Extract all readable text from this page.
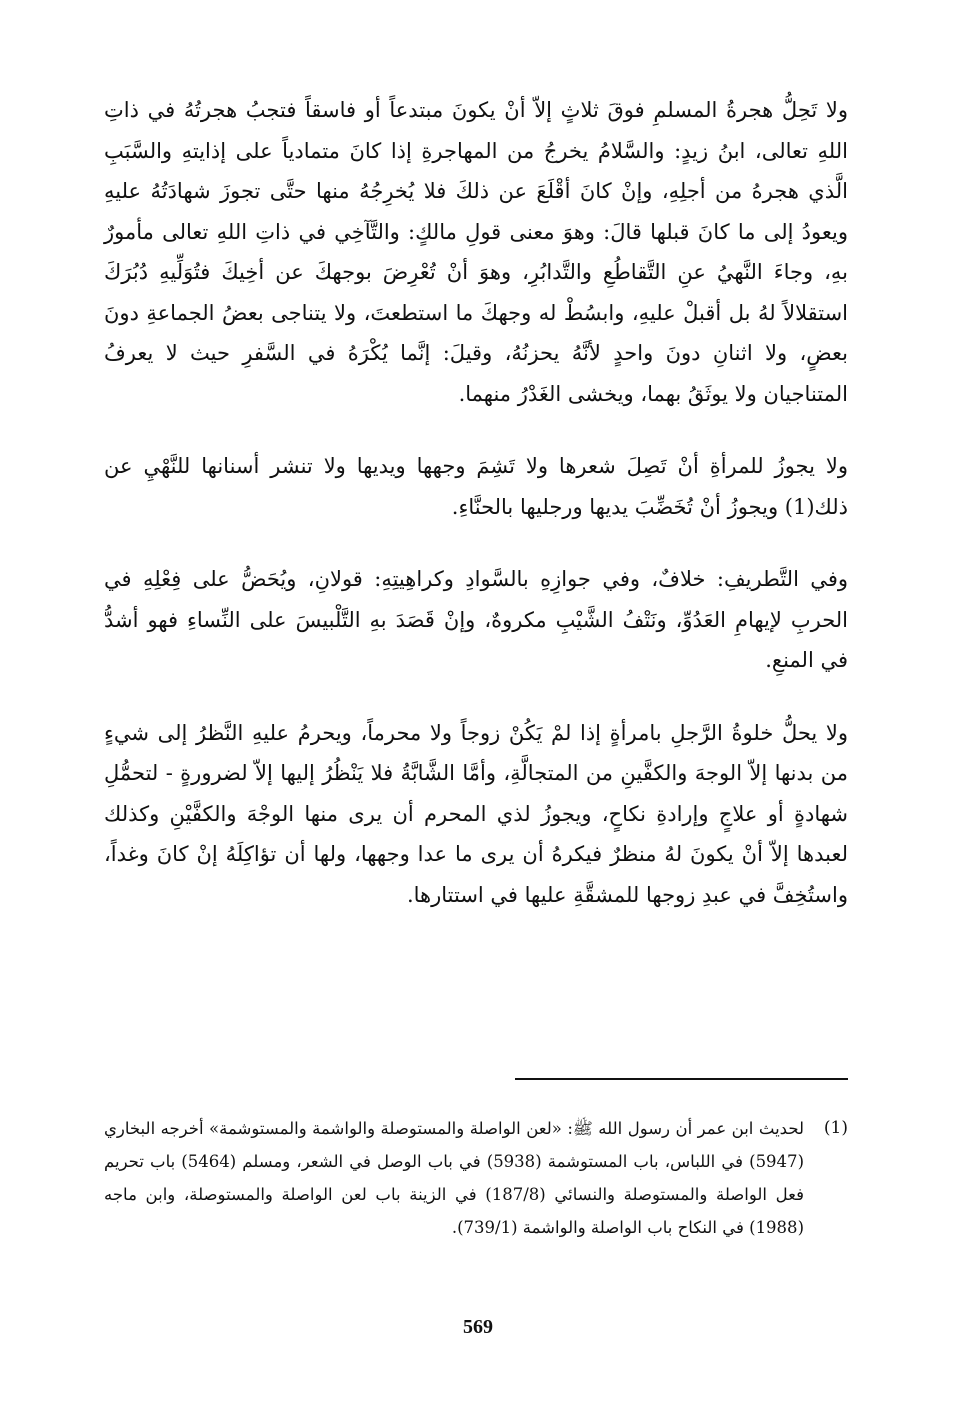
ولا تَحِلُّ هجرةُ المسلمِ فوقَ ثلاثٍ إلاّ أنْ يكونَ مبتدعاً أو فاسقاً فتجبُ هجرتُهُ في ذاتِ اللهِ تعالى، ابنُ زيدٍ: والسَّلامُ يخرجُ من المهاجرةِ إذا كانَ متمادياً على إذايتهِ والسَّبَبِ الَّذي هجرهُ من أجلِهِ، وإنْ كانَ أقْلَعَ عن ذلكَ فلا يُخرِجُهُ منها حتَّى تجوزَ شهادَتُهُ عليهِ ويعودُ إلى ما كانَ قبلها قالَ: وهوَ معنى قولِ مالكٍ: والتَّآخِي في ذاتِ اللهِ تعالى مأمورٌ بهِ، وجاءَ النَّهيُ عنِ التَّقاطُعِ والتَّدابُرِ، وهوَ أنْ تُعْرِضَ بوجهكَ عن أخِيكَ فتُوَلِّيهِ دُبُرَكَ استقلالاً لهُ بل أقبلْ عليهِ، وابسُطْ له وجهكَ ما استطعتَ، ولا يتناجى بعضُ الجماعةِ دونَ بعضٍ، ولا اثنانِ دونَ واحدٍ لأنَّهُ يحزنُهُ، وقيلَ: إنَّما يُكْرَهُ في السَّفرِ حيث لا يعرفُ المتناجيان ولا يوثَقُ بهما، ويخشى الغَدْرُ منهما.

ولا يجوزُ للمرأةِ أنْ تَصِلَ شعرها ولا تَشِمَ وجهها ويديها ولا تنشر أسنانها للنَّهْيِ عن ذلك(1) ويجوزُ أنْ تُخَضِّبَ يديها ورجليها بالحنَّاءِ.

وفي التَّطريفِ: خلافٌ، وفي جوازِهِ بالسَّوادِ وكراهِيتِهِ: قولانِ، ويُحَضُّ على فِعْلِهِ في الحربِ لإيهامِ العَدُوِّ، ونَتْفُ الشَّيْبِ مكروهٌ، وإنْ قَصَدَ بهِ التَّلْبيسَ على النِّساءِ فهو أشدُّ في المنعِ.

ولا يحلُّ خلوةُ الرَّجلِ بامرأةٍ إذا لمْ يَكُنْ زوجاً ولا محرماً، ويحرمُ عليهِ النَّظرُ إلى شيءٍ من بدنها إلاّ الوجهَ والكفَّينِ من المتجالَّةِ، وأمَّا الشَّابَّةُ فلا يَنْظُرُ إليها إلاّ لضرورةٍ - لتحمُّلِ شهادةٍ أو علاجٍ وإرادةِ نكاحٍ، ويجوزُ لذي المحرم أن يرى منها الوجْهَ والكفَّيْنِ وكذلك لعبدها إلاّ أنْ يكونَ لهُ منظرٌ فيكرهُ أن يرى ما عدا وجهها، ولها أن تؤاكِلَهُ إنْ كانَ وغداً، واستُخِفَّ في عبدِ زوجها للمشقَّةِ عليها في استتارها.

(1)

لحديث ابن عمر أن رسول الله ﷺ: «لعن الواصلة والمستوصلة والواشمة والمستوشمة» أخرجه البخاري (5947) في اللباس، باب المستوشمة (5938) في باب الوصل في الشعر، ومسلم (5464) باب تحريم فعل الواصلة والمستوصلة والنسائي (187/8) في الزينة باب لعن الواصلة والمستوصلة، وابن ماجه (1988) في النكاح باب الواصلة والواشمة (739/1).

569
